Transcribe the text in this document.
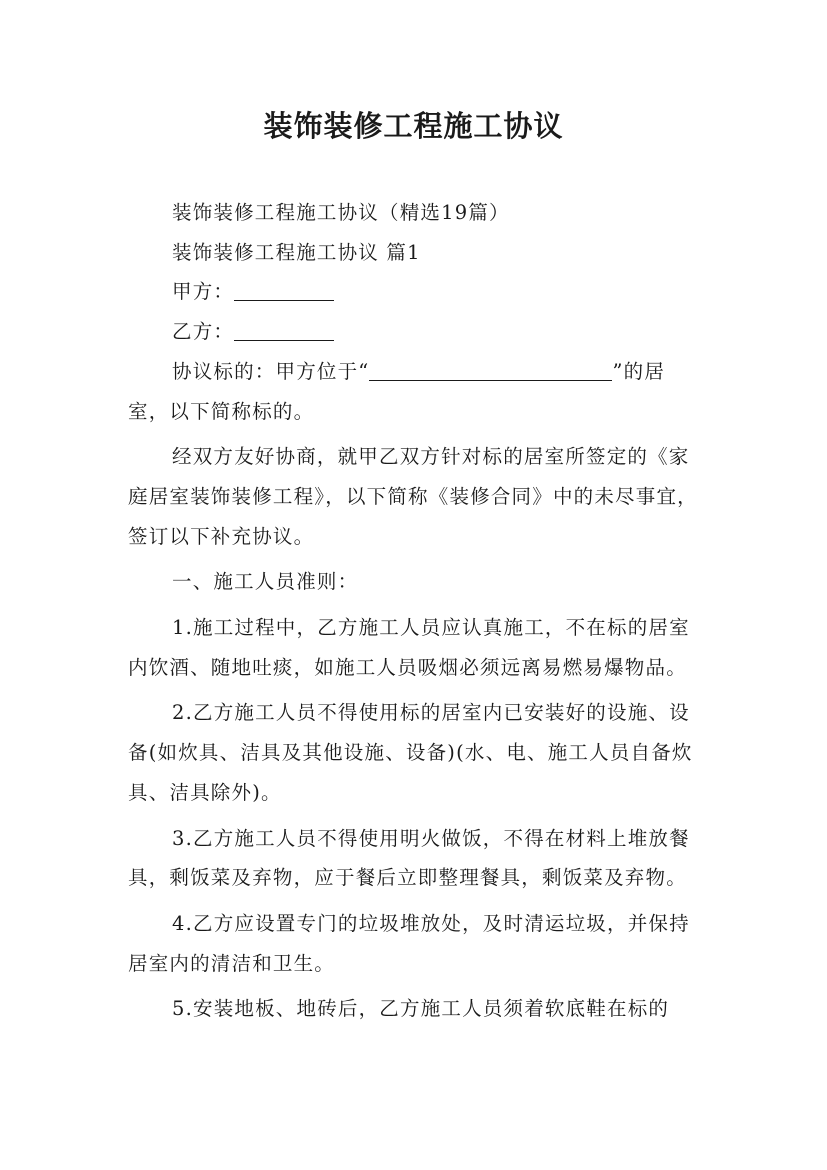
装饰装修工程施工协议

装饰装修工程施工协议（精选19篇）

装饰装修工程施工协议 篇1

甲方：

乙方：

协议标的：甲方位于“	”的居

室，以下简称标的。

经双方友好协商，就甲乙双方针对标的居室所签定的《家庭居室装饰装修工程》，以下简称《装修合同》中的未尽事宜，签订以下补充协议。

一、施工人员准则：

1.施工过程中，乙方施工人员应认真施工，不在标的居室内饮酒、随地吐痰，如施工人员吸烟必须远离易燃易爆物品。

2.乙方施工人员不得使用标的居室内已安装好的设施、设备(如炊具、洁具及其他设施、设备)(水、电、施工人员自备炊具、洁具除外)。

3.乙方施工人员不得使用明火做饭，不得在材料上堆放餐具，剩饭菜及弃物，应于餐后立即整理餐具，剩饭菜及弃物。

4.乙方应设置专门的垃圾堆放处，及时清运垃圾，并保持居室内的清洁和卫生。

5.安装地板、地砖后，乙方施工人员须着软底鞋在标的
